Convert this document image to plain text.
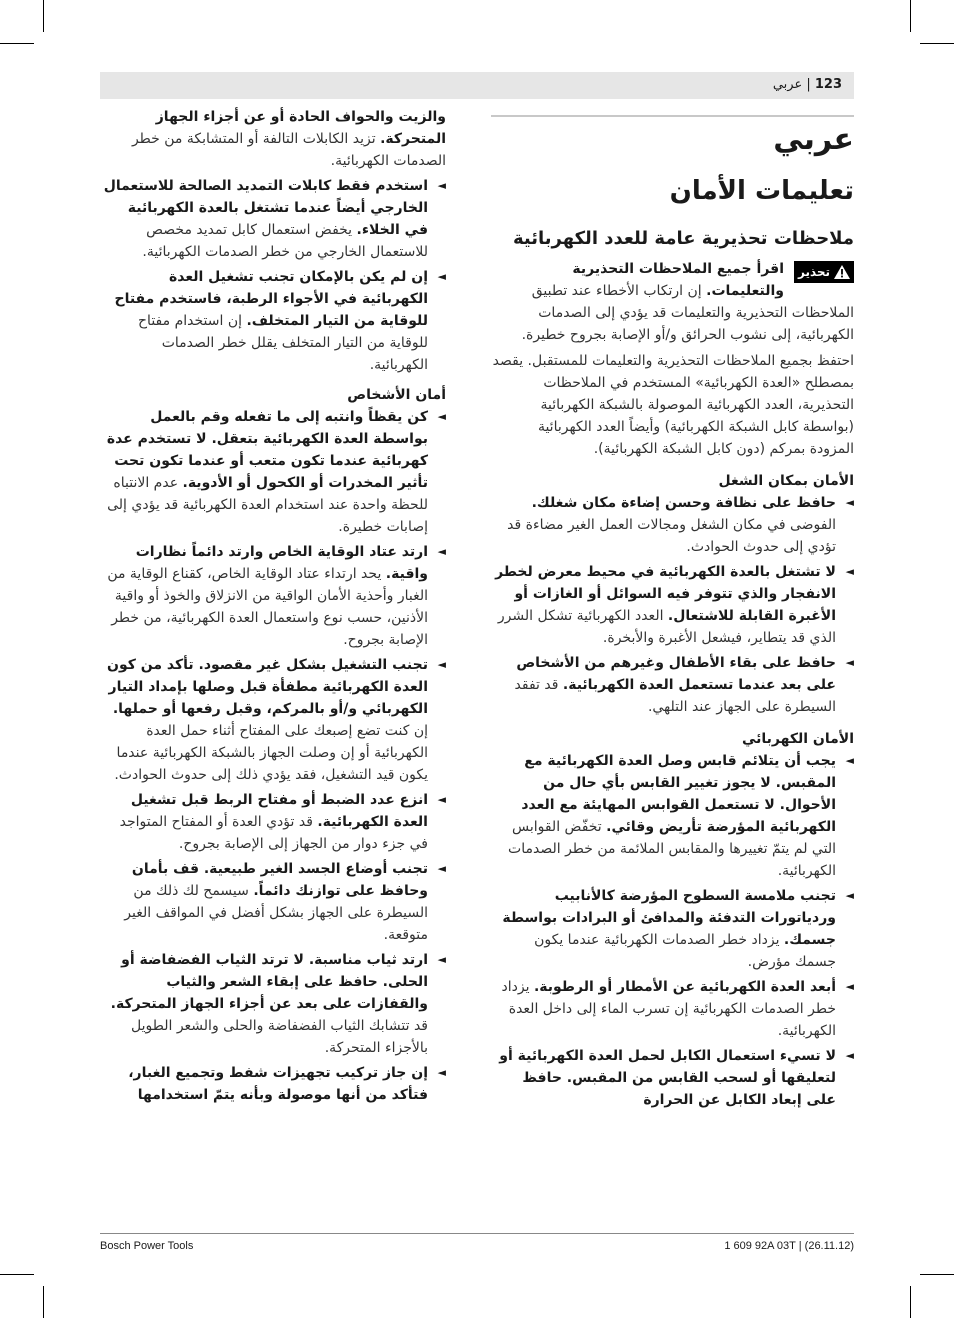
123 | عربي
عربي
تعليمات الأمان
ملاحظات تحذيرية عامة للعدد الكهربائية
تحذير

اقرأ جميع الملاحظات التحذيرية والتعليمات. إن ارتكاب الأخطاء عند تطبيق الملاحظات التحذيرية والتعليمات قد يؤدي إلى الصدمات الكهربائية، إلى نشوب الحرائق و/أو الإصابة بجروح خطيرة.

احتفظ بجميع الملاحظات التحذيرية والتعليمات للمستقبل. يقصد بمصطلح «العدة الكهربائية» المستخدم في الملاحظات التحذيرية، العدد الكهربائية الموصولة بالشبكة الكهربائية (بواسطة كابل الشبكة الكهربائية) وأيضاً العدد الكهربائية المزودة بمركم (دون كابل الشبكة الكهربائية).

الأمان بمكان الشغل
◄
حافظ على نظافة وحسن إضاءة مكان شغلك. الفوضى في مكان الشغل ومجالات العمل الغير مضاءة قد تؤدي إلى حدوث الحوادث.
◄
لا تشتغل بالعدة الكهربائية في محيط معرض لخطر الانفجار والذي تتوفر فيه السوائل أو الغازات أو الأغبرة القابلة للاشتعال. العدد الكهربائية تشكل الشرر الذي قد يتطاير، فيشعل الأغبرة والأبخرة.
◄
حافظ على بقاء الأطفال وغيرهم من الأشخاص على بعد عندما تستعمل العدة الكهربائية. قد تفقد السيطرة على الجهاز عند التلهي.
الأمان الكهربائي
◄
يجب أن يتلائم قابس وصل العدة الكهربائية مع المقبس. لا يجوز تغيير القابس بأي حال من الأحوال. لا تستعمل القوابس المهايئة مع العدد الكهربائية المؤرضة تأريض وقائي. تخفّض القوابس التي لم يتمّ تغييرها والمقابس الملائمة من خطر الصدمات الكهربائية.
◄
تجنب ملامسة السطوح المؤرضة كالأنابيب وردياتورات التدفئة والمدافئ أو البرادات بواسطة جسمك. يزداد خطر الصدمات الكهربائية عندما يكون جسمك مؤرض.
◄
أبعد العدة الكهربائية عن الأمطار أو الرطوبة. يزداد خطر الصدمات الكهربائية إن تسرب الماء إلى داخل العدة الكهربائية.
◄
لا تسيء استعمال الكابل لحمل العدة الكهربائية أو لتعليقها أو لسحب القابس من المقبس. حافظ على إبعاد الكابل عن الحرارة

والزيت والحواف الحادة أو عن أجزاء الجهاز المتحركة. تزيد الكابلات التالفة أو المتشابكة من خطر الصدمات الكهربائية.

◄
استخدم فقط كابلات التمديد الصالحة للاستعمال الخارجي أيضاً عندما تشتغل بالعدة الكهربائية في الخلاء. يخفض استعمال كابل تمديد مخصص للاستعمال الخارجي من خطر الصدمات الكهربائية.
◄
إن لم يكن بالإمكان تجنب تشغيل العدة الكهربائية في الأجواء الرطبة، فاستخدم مفتاح للوقاية من التيار المتخلف. إن استخدام مفتاح للوقاية من التيار المتخلف يقلل خطر الصدمات الكهربائية.
أمان الأشخاص
◄
كن يقظاً وانتبه إلى ما تفعله وقم بالعمل بواسطة العدة الكهربائية بتعقل. لا تستخدم عدة كهربائية عندما تكون متعب أو عندما تكون تحت تأثير المخدرات أو الكحول أو الأدوية. عدم الانتباه للحظة واحدة عند استخدام العدة الكهربائية قد يؤدي إلى إصابات خطيرة.
◄
ارتد عتاد الوقاية الخاص وارتد دائماً نظارات واقية. يحد ارتداء عتاد الوقاية الخاص، كقناع الوقاية من الغبار وأحذية الأمان الواقية من الانزلاق والخوذ أو واقية الأذنين، حسب نوع واستعمال العدة الكهربائية، من خطر الإصابة بجروح.
◄
تجنب التشغيل بشكل غير مقصود. تأكد من كون العدة الكهربائية مطفأة قبل وصلها بإمداد التيار الكهربائي و/أو بالمركم، وقبل رفعها أو حملها. إن كنت تضع إصبعك على المفتاح أثناء حمل العدة الكهربائية أو إن وصلت الجهاز بالشبكة الكهربائية عندما يكون قيد التشغيل، فقد يؤدي ذلك إلى حدوث الحوادث.
◄
انزع عدد الضبط أو مفتاح الربط قبل تشغيل العدة الكهربائية. قد تؤدي العدة أو المفتاح المتواجد في جزء دوار من الجهاز إلى الإصابة بجروح.
◄
تجنب أوضاع الجسد الغير طبيعية. قف بأمان وحافظ على توازنك دائماً. سيسمح لك ذلك من السيطرة على الجهاز بشكل أفضل في المواقف الغير متوقعة.
◄
ارتد ثياب مناسبة. لا ترتد الثياب الفضفاضة أو الحلى. حافظ على إبقاء الشعر والثياب والقفازات على بعد عن أجزاء الجهاز المتحركة. قد تتشابك الثياب الفضفاضة والحلى والشعر الطويل بالأجزاء المتحركة.
◄
إن جاز تركيب تجهيزات شفط وتجميع الغبار، فتأكد من أنها موصولة وبأنه يتمّ استخدامها
Bosch Power Tools	1 609 92A 03T | (26.11.12)
